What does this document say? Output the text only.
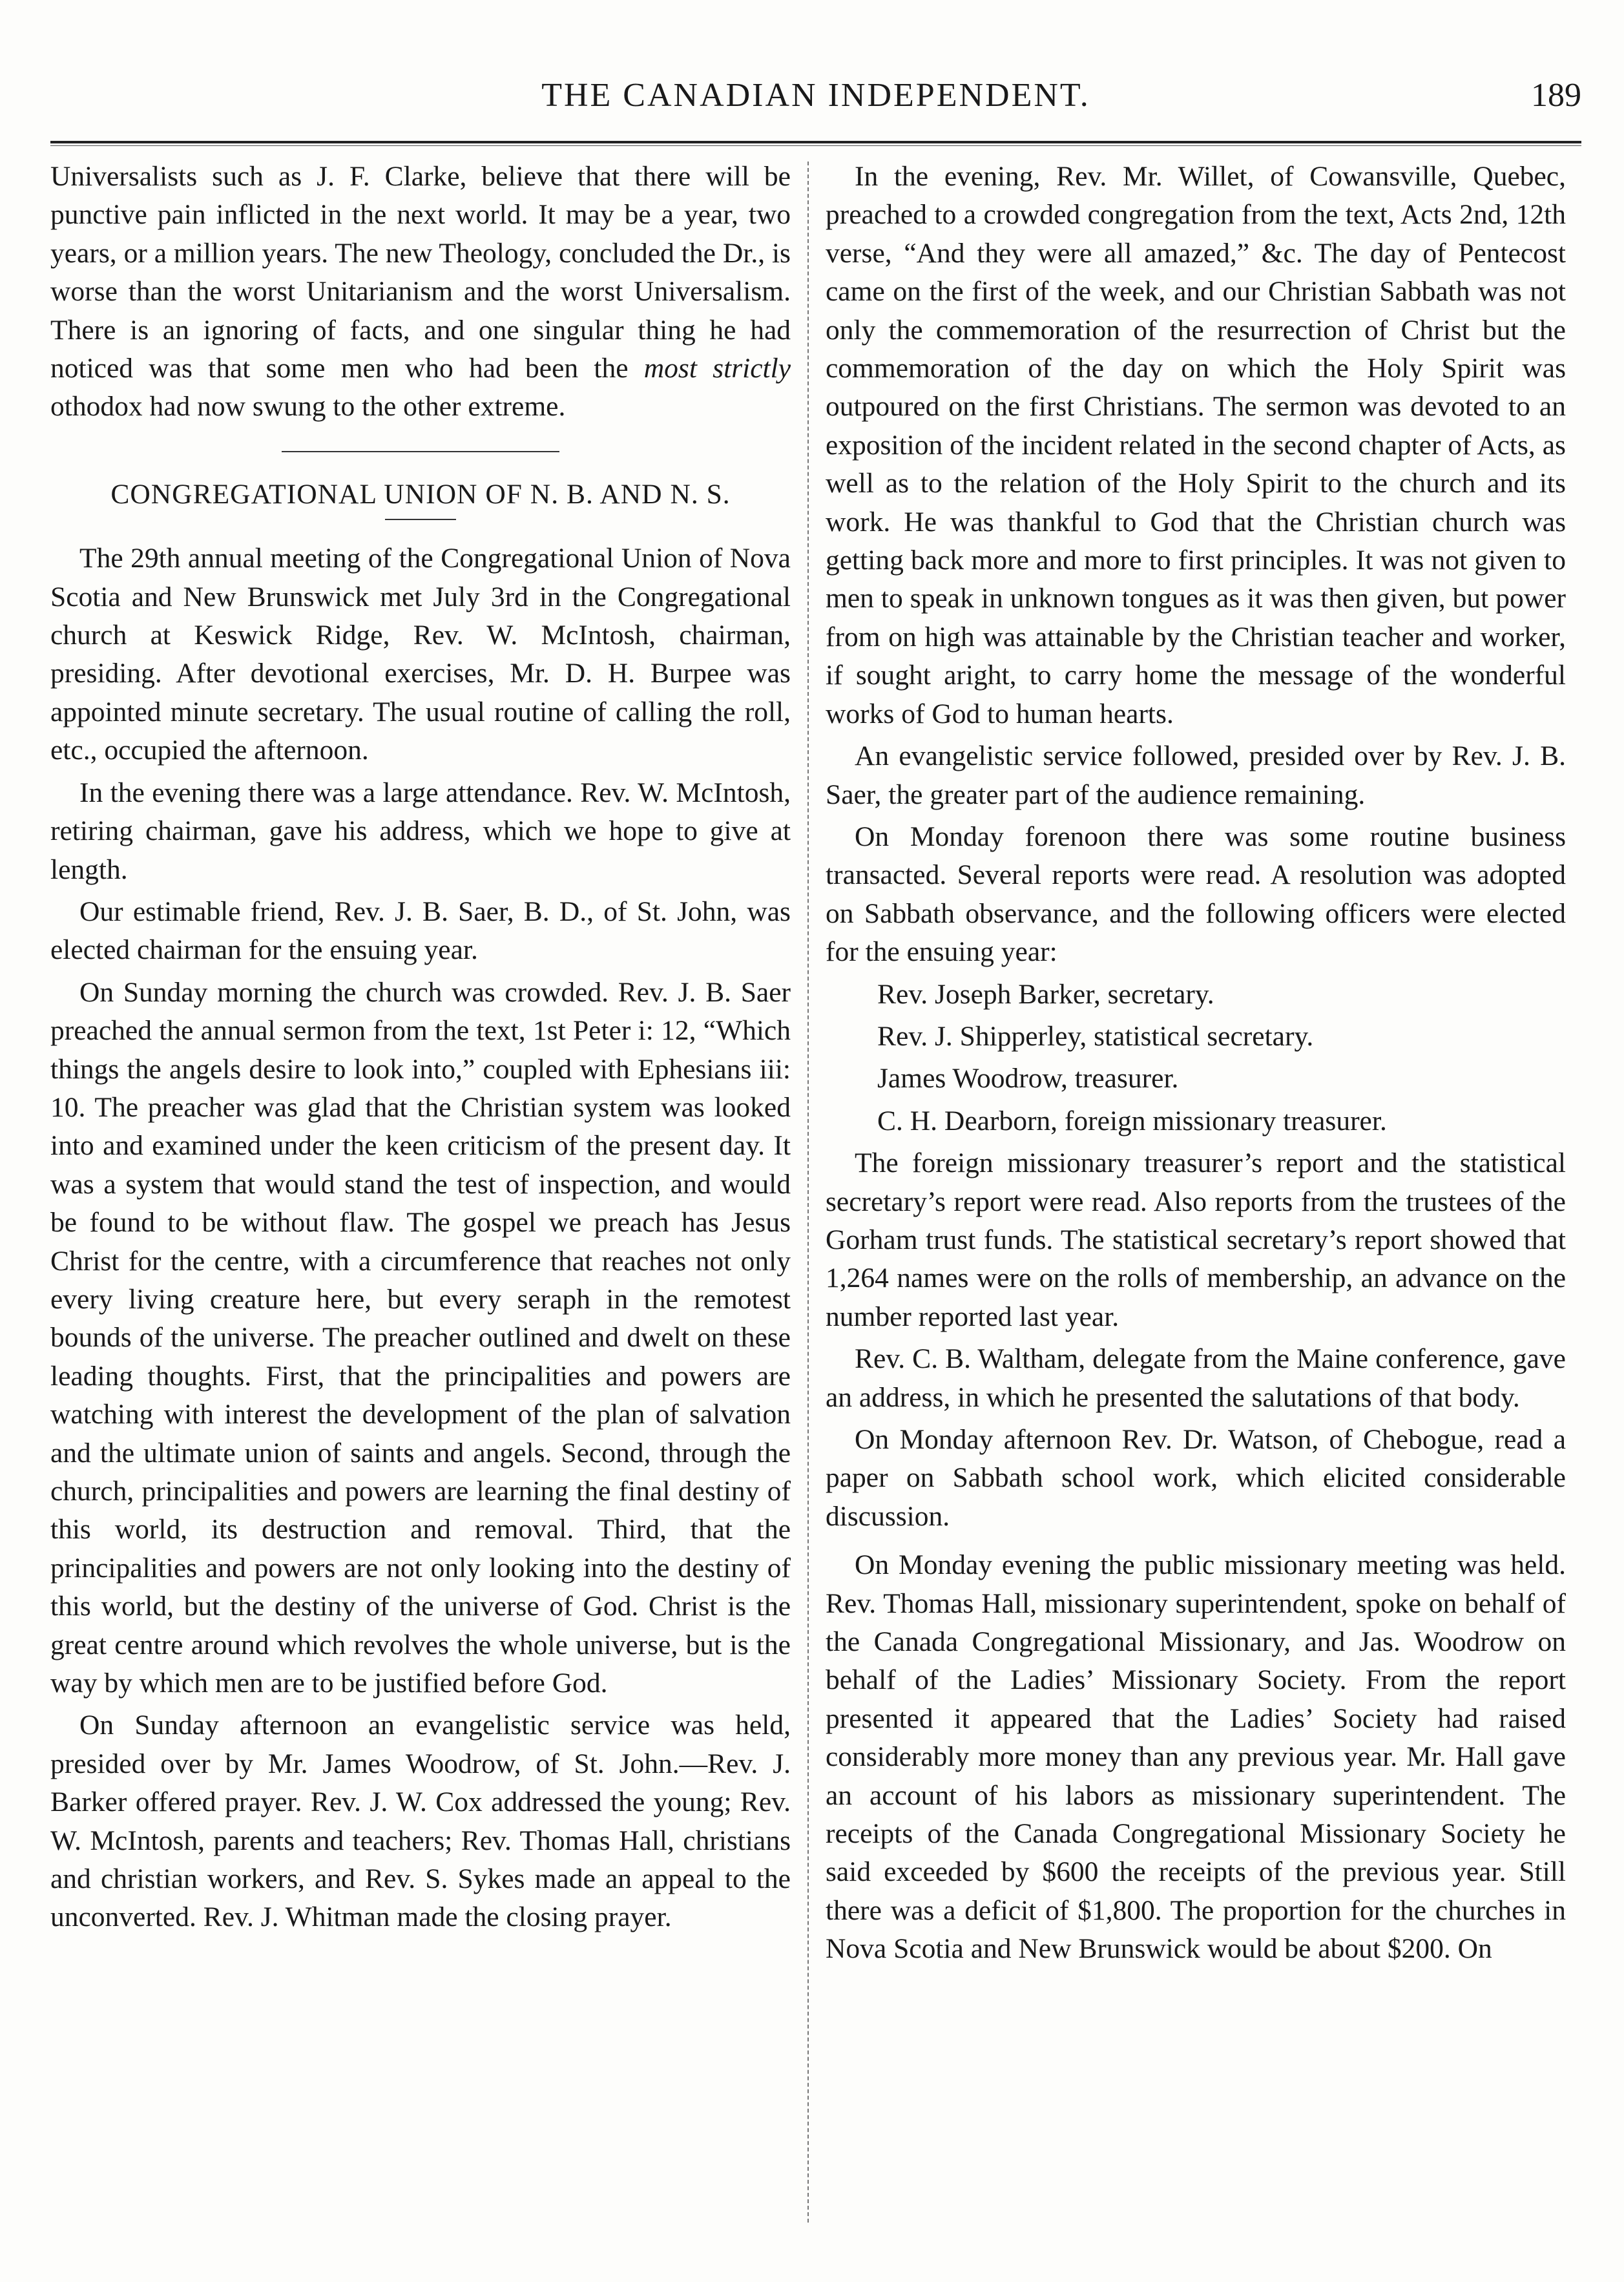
THE CANADIAN INDEPENDENT.	189

Universalists such as J. F. Clarke, believe that there will be punctive pain inflicted in the next world. It may be a year, two years, or a million years. The new Theology, concluded the Dr., is worse than the worst Unitarianism and the worst Universalism. There is an ignoring of facts, and one singular thing he had noticed was that some men who had been the most strictly othodox had now swung to the other extreme.

CONGREGATIONAL UNION OF N. B. AND N. S.

The 29th annual meeting of the Congregational Union of Nova Scotia and New Brunswick met July 3rd in the Congregational church at Keswick Ridge, Rev. W. McIntosh, chairman, presiding. After devotional exercises, Mr. D. H. Burpee was appointed minute secretary. The usual routine of calling the roll, etc., occupied the afternoon.

In the evening there was a large attendance. Rev. W. McIntosh, retiring chairman, gave his address, which we hope to give at length.

Our estimable friend, Rev. J. B. Saer, B. D., of St. John, was elected chairman for the ensuing year.

On Sunday morning the church was crowded. Rev. J. B. Saer preached the annual sermon from the text, 1st Peter i: 12, “Which things the angels desire to look into,” coupled with Ephesians iii: 10. The preacher was glad that the Christian system was looked into and examined under the keen criticism of the present day. It was a system that would stand the test of inspection, and would be found to be without flaw. The gospel we preach has Jesus Christ for the centre, with a circumference that reaches not only every living creature here, but every seraph in the remotest bounds of the universe. The preacher outlined and dwelt on these leading thoughts. First, that the principalities and powers are watching with interest the development of the plan of salvation and the ultimate union of saints and angels. Second, through the church, principalities and powers are learning the final destiny of this world, its destruction and removal. Third, that the principalities and powers are not only looking into the destiny of this world, but the destiny of the universe of God. Christ is the great centre around which revolves the whole universe, but is the way by which men are to be justified before God.

On Sunday afternoon an evangelistic service was held, presided over by Mr. James Woodrow, of St. John.—Rev. J. Barker offered prayer. Rev. J. W. Cox addressed the young; Rev. W. McIntosh, parents and teachers; Rev. Thomas Hall, christians and christian workers, and Rev. S. Sykes made an appeal to the unconverted. Rev. J. Whitman made the closing prayer.

In the evening, Rev. Mr. Willet, of Cowansville, Quebec, preached to a crowded congregation from the text, Acts 2nd, 12th verse, “And they were all amazed,” &c. The day of Pentecost came on the first of the week, and our Christian Sabbath was not only the commemoration of the resurrection of Christ but the commemoration of the day on which the Holy Spirit was outpoured on the first Christians. The sermon was devoted to an exposition of the incident related in the second chapter of Acts, as well as to the relation of the Holy Spirit to the church and its work. He was thankful to God that the Christian church was getting back more and more to first principles. It was not given to men to speak in unknown tongues as it was then given, but power from on high was attainable by the Christian teacher and worker, if sought aright, to carry home the message of the wonderful works of God to human hearts.

An evangelistic service followed, presided over by Rev. J. B. Saer, the greater part of the audience remaining.

On Monday forenoon there was some routine business transacted. Several reports were read. A resolution was adopted on Sabbath observance, and the following officers were elected for the ensuing year:

Rev. Joseph Barker, secretary.

Rev. J. Shipperley, statistical secretary.

James Woodrow, treasurer.

C. H. Dearborn, foreign missionary treasurer.

The foreign missionary treasurer’s report and the statistical secretary’s report were read. Also reports from the trustees of the Gorham trust funds. The statistical secretary’s report showed that 1,264 names were on the rolls of membership, an advance on the number reported last year.

Rev. C. B. Waltham, delegate from the Maine conference, gave an address, in which he presented the salutations of that body.

On Monday afternoon Rev. Dr. Watson, of Chebogue, read a paper on Sabbath school work, which elicited considerable discussion.

On Monday evening the public missionary meeting was held. Rev. Thomas Hall, missionary superintendent, spoke on behalf of the Canada Congregational Missionary, and Jas. Woodrow on behalf of the Ladies’ Missionary Society. From the report presented it appeared that the Ladies’ Society had raised considerably more money than any previous year. Mr. Hall gave an account of his labors as missionary superintendent. The receipts of the Canada Congregational Missionary Society he said exceeded by $600 the receipts of the previous year. Still there was a deficit of $1,800. The proportion for the churches in Nova Scotia and New Brunswick would be about $200. On
